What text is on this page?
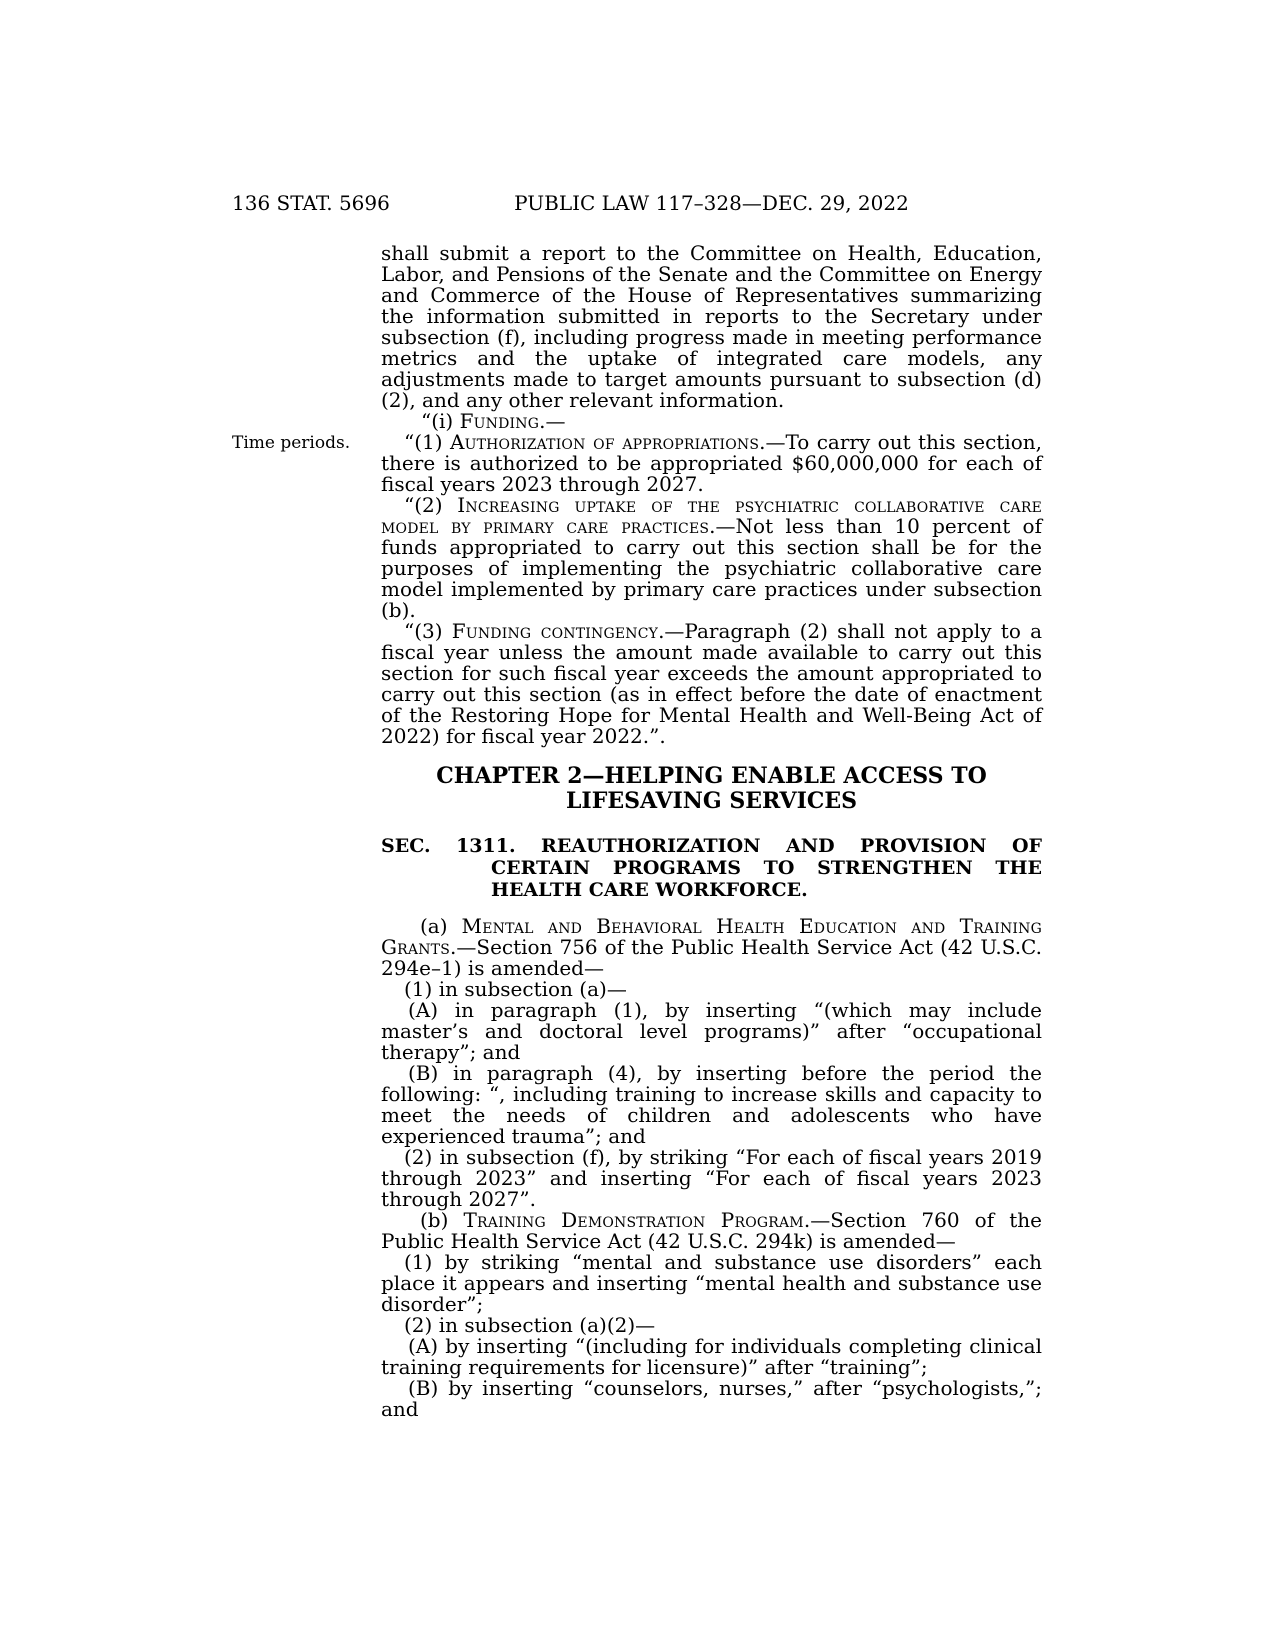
136 STAT. 5696	PUBLIC LAW 117–328—DEC. 29, 2022
Time periods.

shall submit a report to the Committee on Health, Education, Labor, and Pensions of the Senate and the Committee on Energy and Commerce of the House of Representatives summarizing the information submitted in reports to the Secretary under subsection (f), including progress made in meeting performance metrics and the uptake of integrated care models, any adjustments made to target amounts pursuant to subsection (d)(2), and any other relevant information.

“(i) Funding.—

“(1) Authorization of appropriations.—To carry out this section, there is authorized to be appropriated $60,000,000 for each of fiscal years 2023 through 2027.

“(2) Increasing uptake of the psychiatric collaborative care model by primary care practices.—Not less than 10 percent of funds appropriated to carry out this section shall be for the purposes of implementing the psychiatric collaborative care model implemented by primary care practices under subsection (b).

“(3) Funding contingency.—Paragraph (2) shall not apply to a fiscal year unless the amount made available to carry out this section for such fiscal year exceeds the amount appropriated to carry out this section (as in effect before the date of enactment of the Restoring Hope for Mental Health and Well-Being Act of 2022) for fiscal year 2022.”.

CHAPTER 2—HELPING ENABLE ACCESS TO LIFESAVING SERVICES

SEC. 1311. REAUTHORIZATION AND PROVISION OF CERTAIN PROGRAMS TO STRENGTHEN THE HEALTH CARE WORKFORCE.

(a) Mental and Behavioral Health Education and Training Grants.—Section 756 of the Public Health Service Act (42 U.S.C. 294e–1) is amended—

(1) in subsection (a)—

(A) in paragraph (1), by inserting “(which may include master’s and doctoral level programs)” after “occupational therapy”; and

(B) in paragraph (4), by inserting before the period the following: “, including training to increase skills and capacity to meet the needs of children and adolescents who have experienced trauma”; and

(2) in subsection (f), by striking “For each of fiscal years 2019 through 2023” and inserting “For each of fiscal years 2023 through 2027”.

(b) Training Demonstration Program.—Section 760 of the Public Health Service Act (42 U.S.C. 294k) is amended—

(1) by striking “mental and substance use disorders” each place it appears and inserting “mental health and substance use disorder”;

(2) in subsection (a)(2)—

(A) by inserting “(including for individuals completing clinical training requirements for licensure)” after “training”;

(B) by inserting “counselors, nurses,” after “psychologists,”; and
